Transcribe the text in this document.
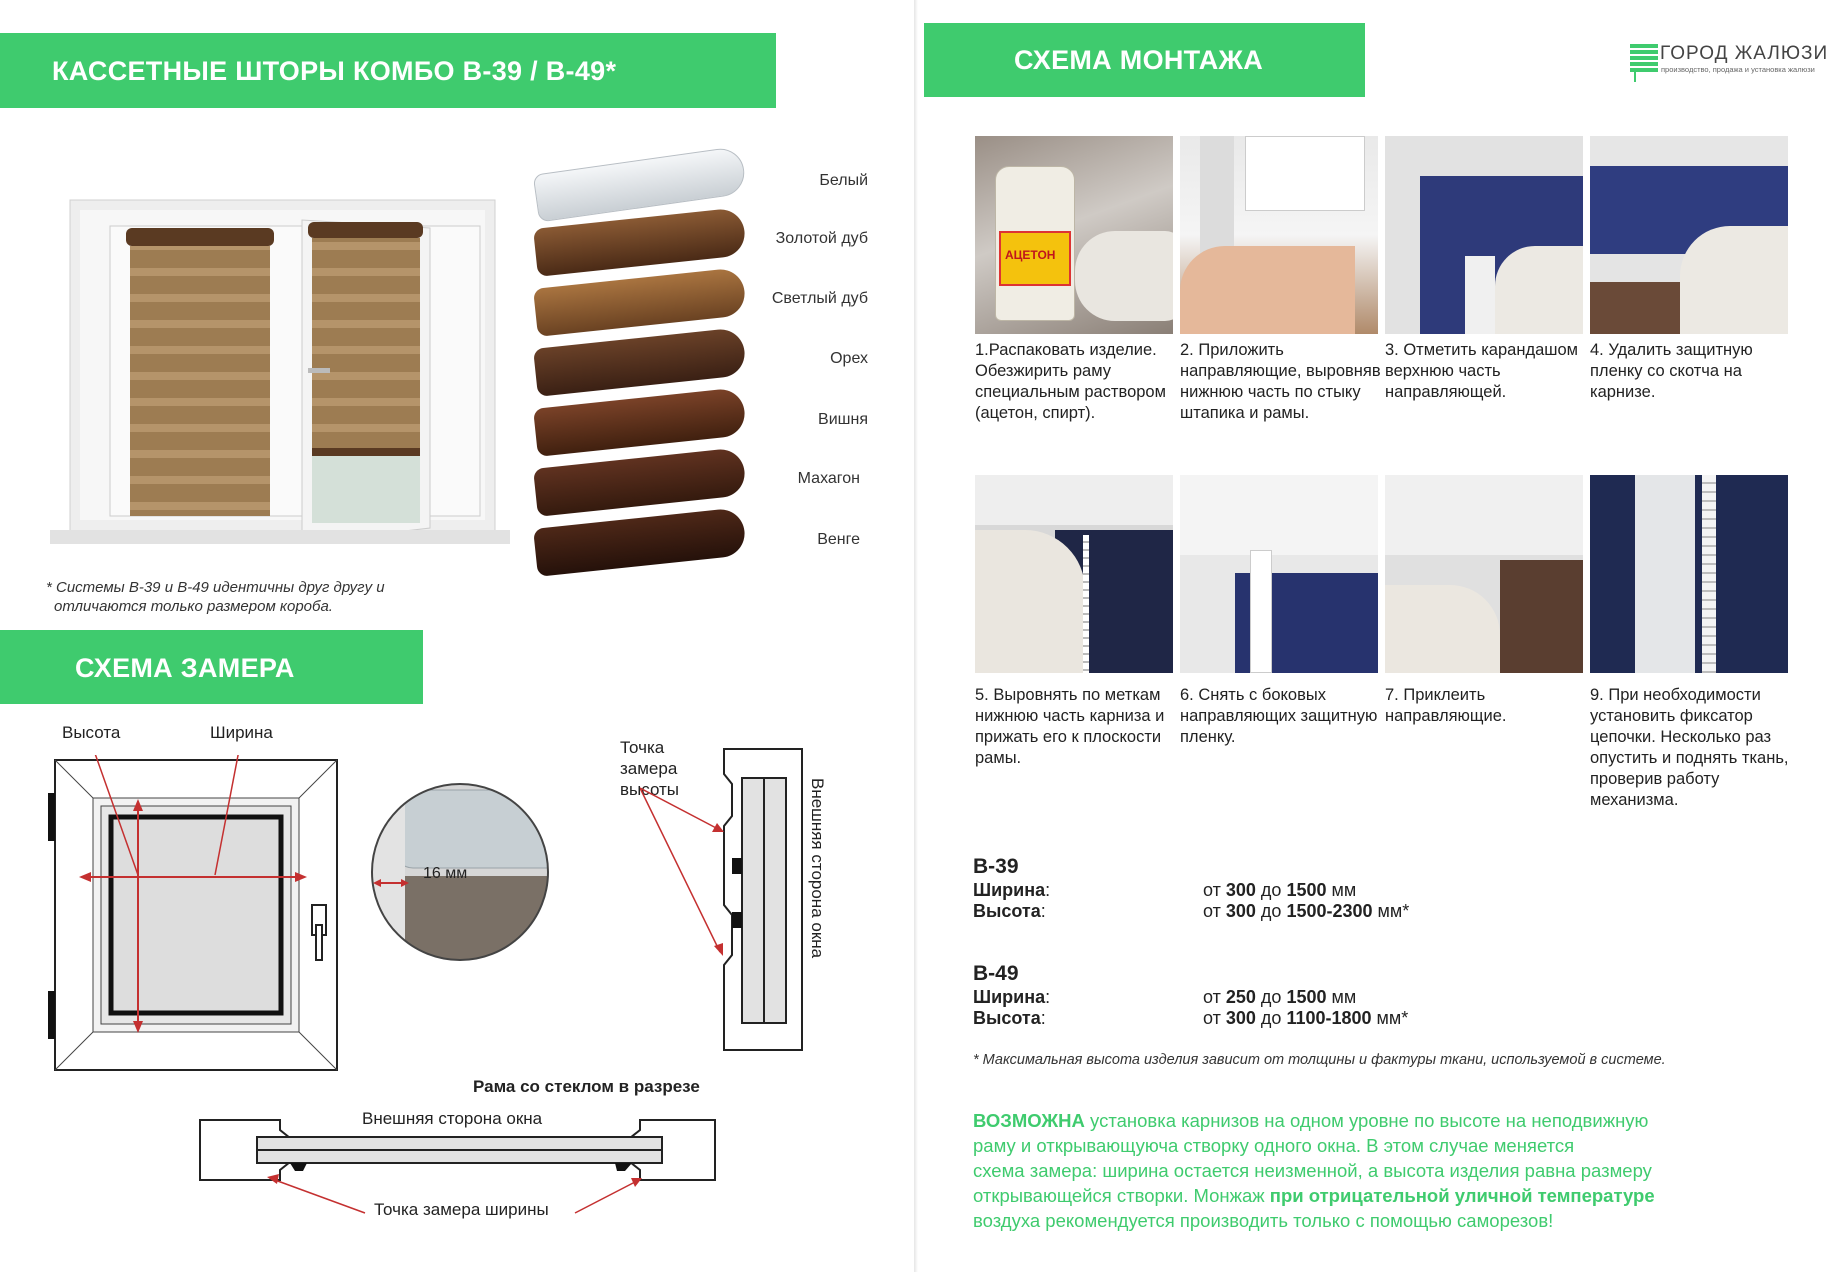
КАССЕТНЫЕ ШТОРЫ КОМБО В-39 / В-49*
Белый
Золотой дуб
Светлый дуб
Орех
Вишня
Махагон
Венге
* Системы В-39 и В-49 идентичны друг другу и
отличаются только размером короба.
СХЕМА ЗАМЕРА
Высота	Ширина
16 мм
Точка
замера
высоты	Внешняя сторона окна
Рама со стеклом в разрезе
Внешняя сторона окна
Точка замера ширины
СХЕМА МОНТАЖА	ГОРОД ЖАЛЮЗИ
производство, продажа и установка жалюзи
АЦЕТОН
1.Распаковать изделие. Обезжирить раму специальным раствором (ацетон, спирт).
2. Приложить направляющие, выровняв нижнюю часть по стыку штапика и рамы.
3. Отметить карандашом верхнюю часть направляющей.
4. Удалить защитную пленку со скотча на карнизе.
5. Выровнять по меткам нижнюю часть карниза и прижать его к плоскости рамы.
6. Снять с боковых направляющих защитную пленку.
7. Приклеить направляющие.
9. При необходимости установить фиксатор цепочки. Несколько раз опустить и поднять ткань, проверив работу механизма.
В-39
Ширина:	от 300 до 1500 мм
Высота:	от 300 до 1500-2300 мм*
В-49
Ширина:	от 250 до 1500 мм
Высота:	от 300 до 1100-1800 мм*
* Максимальная высота изделия зависит от толщины и фактуры ткани, используемой в системе.
ВОЗМОЖНА установка карнизов на одном уровне по высоте на неподвижную
раму и открывающуюча створку одного окна. В этом случае меняется
схема замера: ширина остается неизменной, а высота изделия равна размеру
открывающейся створки. Монжаж при отрицательной уличной температуре
воздуха рекомендуется производить только с помощью саморезов!
